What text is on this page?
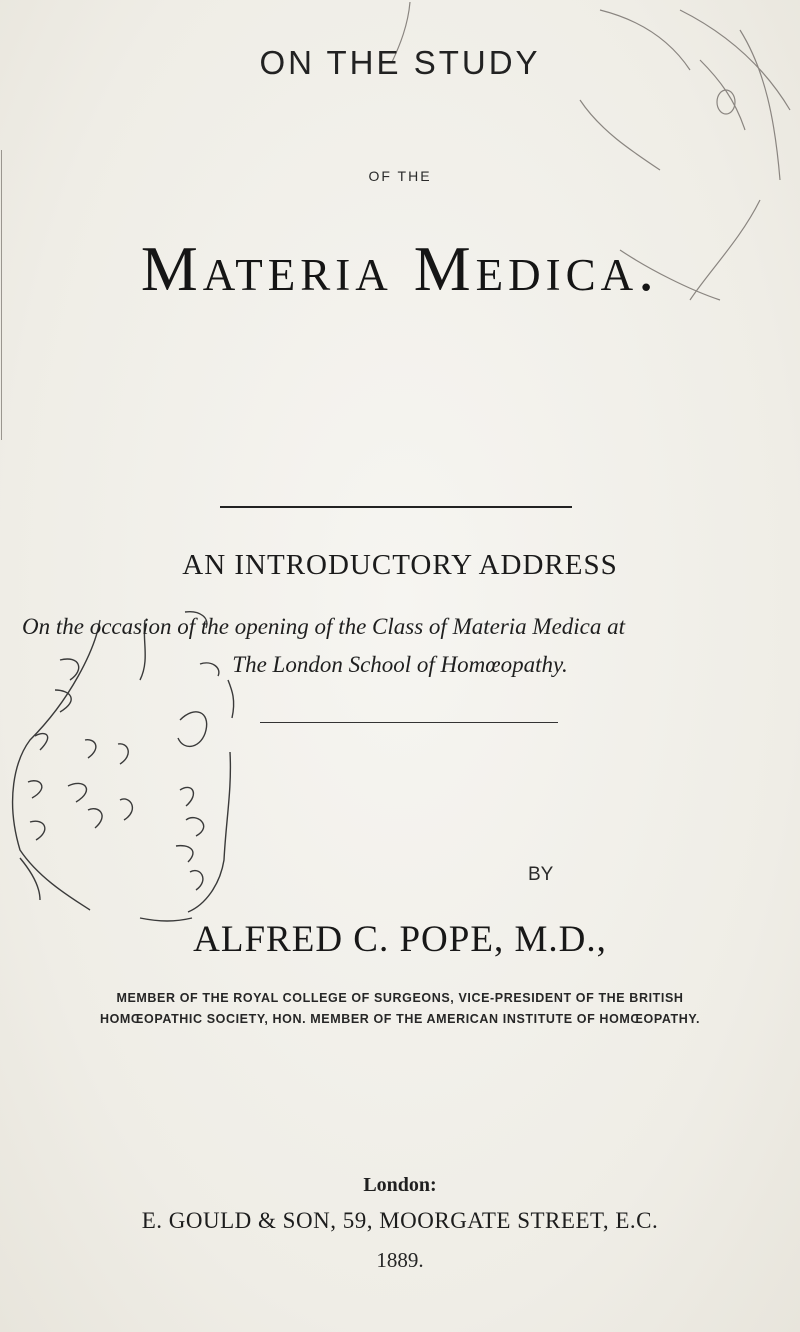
ON THE STUDY
OF THE
Materia Medica.
AN INTRODUCTORY ADDRESS
On the occasion of the opening of the Class of Materia Medica at
The London School of Homœopathy.
BY
ALFRED C. POPE, M.D.,
MEMBER OF THE ROYAL COLLEGE OF SURGEONS, VICE-PRESIDENT OF THE BRITISH HOMŒOPATHIC SOCIETY, HON. MEMBER OF THE AMERICAN INSTITUTE OF HOMŒOPATHY.
London:
E. GOULD & SON, 59, MOORGATE STREET, E.C.
1889.
